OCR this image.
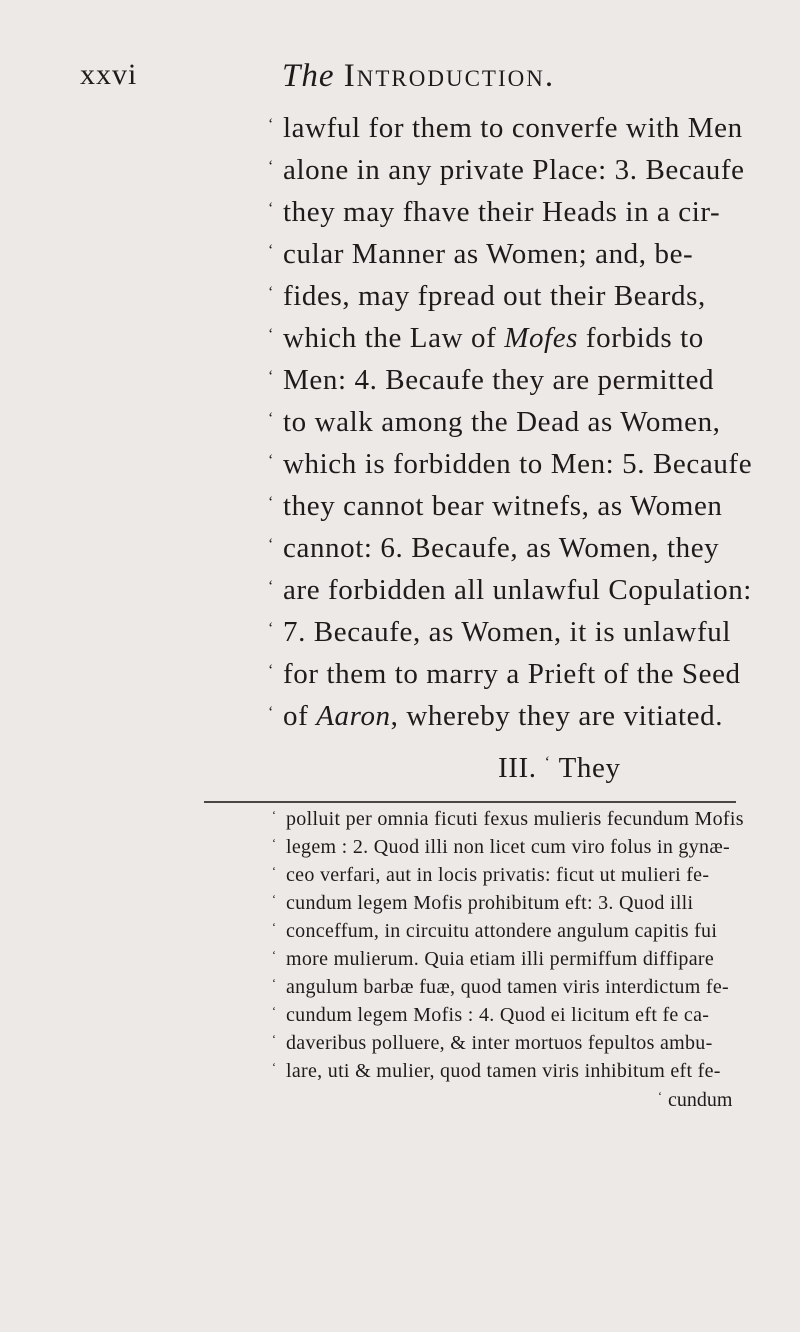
xxvi	The Introduction.
‘ lawful for them to converfe with Men
‘ alone in any private Place: 3. Becaufe
‘ they may fhave their Heads in a cir-
‘ cular Manner as Women; and, be-
‘ fides, may fpread out their Beards,
‘ which the Law of Mofes forbids to
‘ Men: 4. Becaufe they are permitted
‘ to walk among the Dead as Women,
‘ which is forbidden to Men: 5. Becaufe
‘ they cannot bear witnefs, as Women
‘ cannot: 6. Becaufe, as Women, they
‘ are forbidden all unlawful Copulation:
‘ 7. Becaufe, as Women, it is unlawful
‘ for them to marry a Prieft of the Seed
‘ of Aaron, whereby they are vitiated.
III. ‘ They
‘ polluit per omnia ficuti fexus mulieris fecundum Mofis
‘ legem : 2. Quod illi non licet cum viro folus in gynæ-
‘ ceo verfari, aut in locis privatis: ficut ut mulieri fe-
‘ cundum legem Mofis prohibitum eft: 3. Quod illi
‘ conceffum, in circuitu attondere angulum capitis fui
‘ more mulierum. Quia etiam illi permiffum diffipare
‘ angulum barbæ fuæ, quod tamen viris interdictum fe-
‘ cundum legem Mofis : 4. Quod ei licitum eft fe ca-
‘ daveribus polluere, & inter mortuos fepultos ambu-
‘ lare, uti & mulier, quod tamen viris inhibitum eft fe-
‘ cundum
